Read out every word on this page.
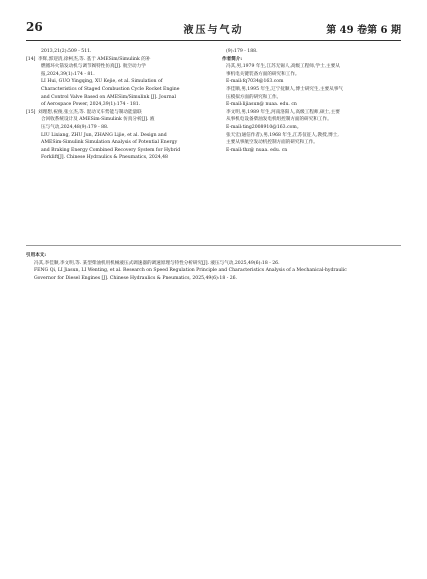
26	液压与气动	第 49 卷第 6 期
2013,21(2):509 - 511.
[14] 李辉,郭迎清,徐柯杰,等. 基于 AMESim/Simulink 的补
燃循环火箭发动机与调节阀特性仿真[J]. 航空动力学
报,2024,39(1):174 - 81.
LI Hui, GUO Yingqing, XU Kejie, et al. Simulation of
Characteristics of Staged Combustion Cycle Rocket Engine
and Control Valve Based on AMESim/Simulink [J]. Journal
of Aerospace Power, 2024,39(1):174 - 181.
[15] 刘理想,祝俊,张立杰,等. 混动叉车势能与制动能量联
合回收系统设计及 AMESim-Simulink 仿真分析[J]. 液
压与气动,2024,48(9):179 - 88.
LIU Lixiang, ZHU Jun, ZHANG Lijie, et al. Design and
AMESim-Simulink Simulation Analysis of Potential Energy
and Braking Energy Combined Recovery System for Hybrid
Forklift[J]. Chinese Hydraulics & Pneumatics, 2024,48
(9):179 - 188.
作者简介:
冯其,男,1979 年生,江苏无锡人,高级工程师,学士,主要从
事机电关键装备方面的研究和工作。
E-mail:fq7034@163.com
李佳顺,男,1995 年生,辽宁抚顺人,博士研究生,主要从事气
压模拟方面的研究和工作。
E-mail:lijiasun@ nuaa. edu. cn
李文明,男,1989 年生,河南洛阳人,高级工程师,硕士,主要
从事机电设备柴油发电机组控制方面的研究和工作。
E-mail:ting2008910@163.com。
张天宏(通信作者),男,1968 年生,江苏仪征人,教授,博士,
主要从事航空发动机控制方面的研究和工作。
E-mail:thz@ nuaa. edu. cn
引用本文:
冯其,李佳顺,李文明,等. 某型柴油机用机械液压式调速器的调速原理与特性分析研究[J]. 液压与气动,2025,49(6):18 - 26.
FENG Qi, LI Jiasun, LI Wenting, et al. Research on Speed Regulation Principle and Characteristics Analysis of a Mechanical-hydraulic
Governor for Diesel Engines [J]. Chinese Hydraulics & Pneumatics, 2025,49(6):18 - 26.
